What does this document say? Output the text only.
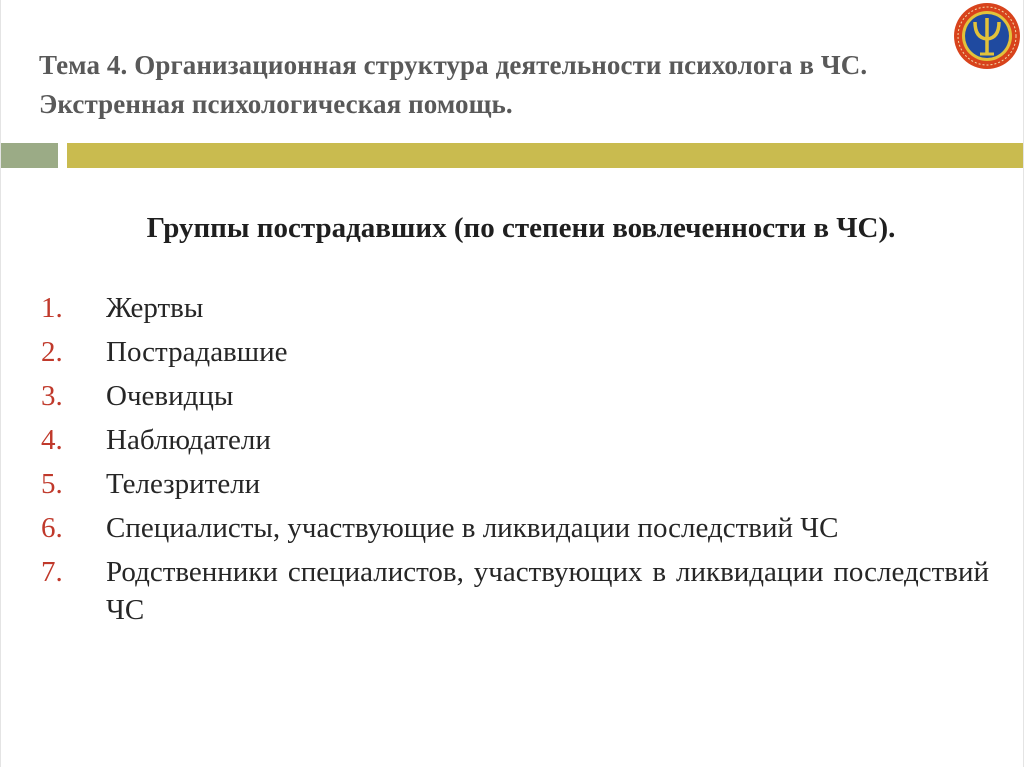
Тема 4. Организационная структура деятельности психолога в ЧС. Экстренная психологическая помощь.
Группы пострадавших (по степени вовлеченности в ЧС).
1.	Жертвы
2.	Пострадавшие
3.	Очевидцы
4.	Наблюдатели
5.	Телезрители
6.	Специалисты, участвующие в ликвидации последствий ЧС
7.	Родственники специалистов, участвующих в ликвидации последствий ЧС
